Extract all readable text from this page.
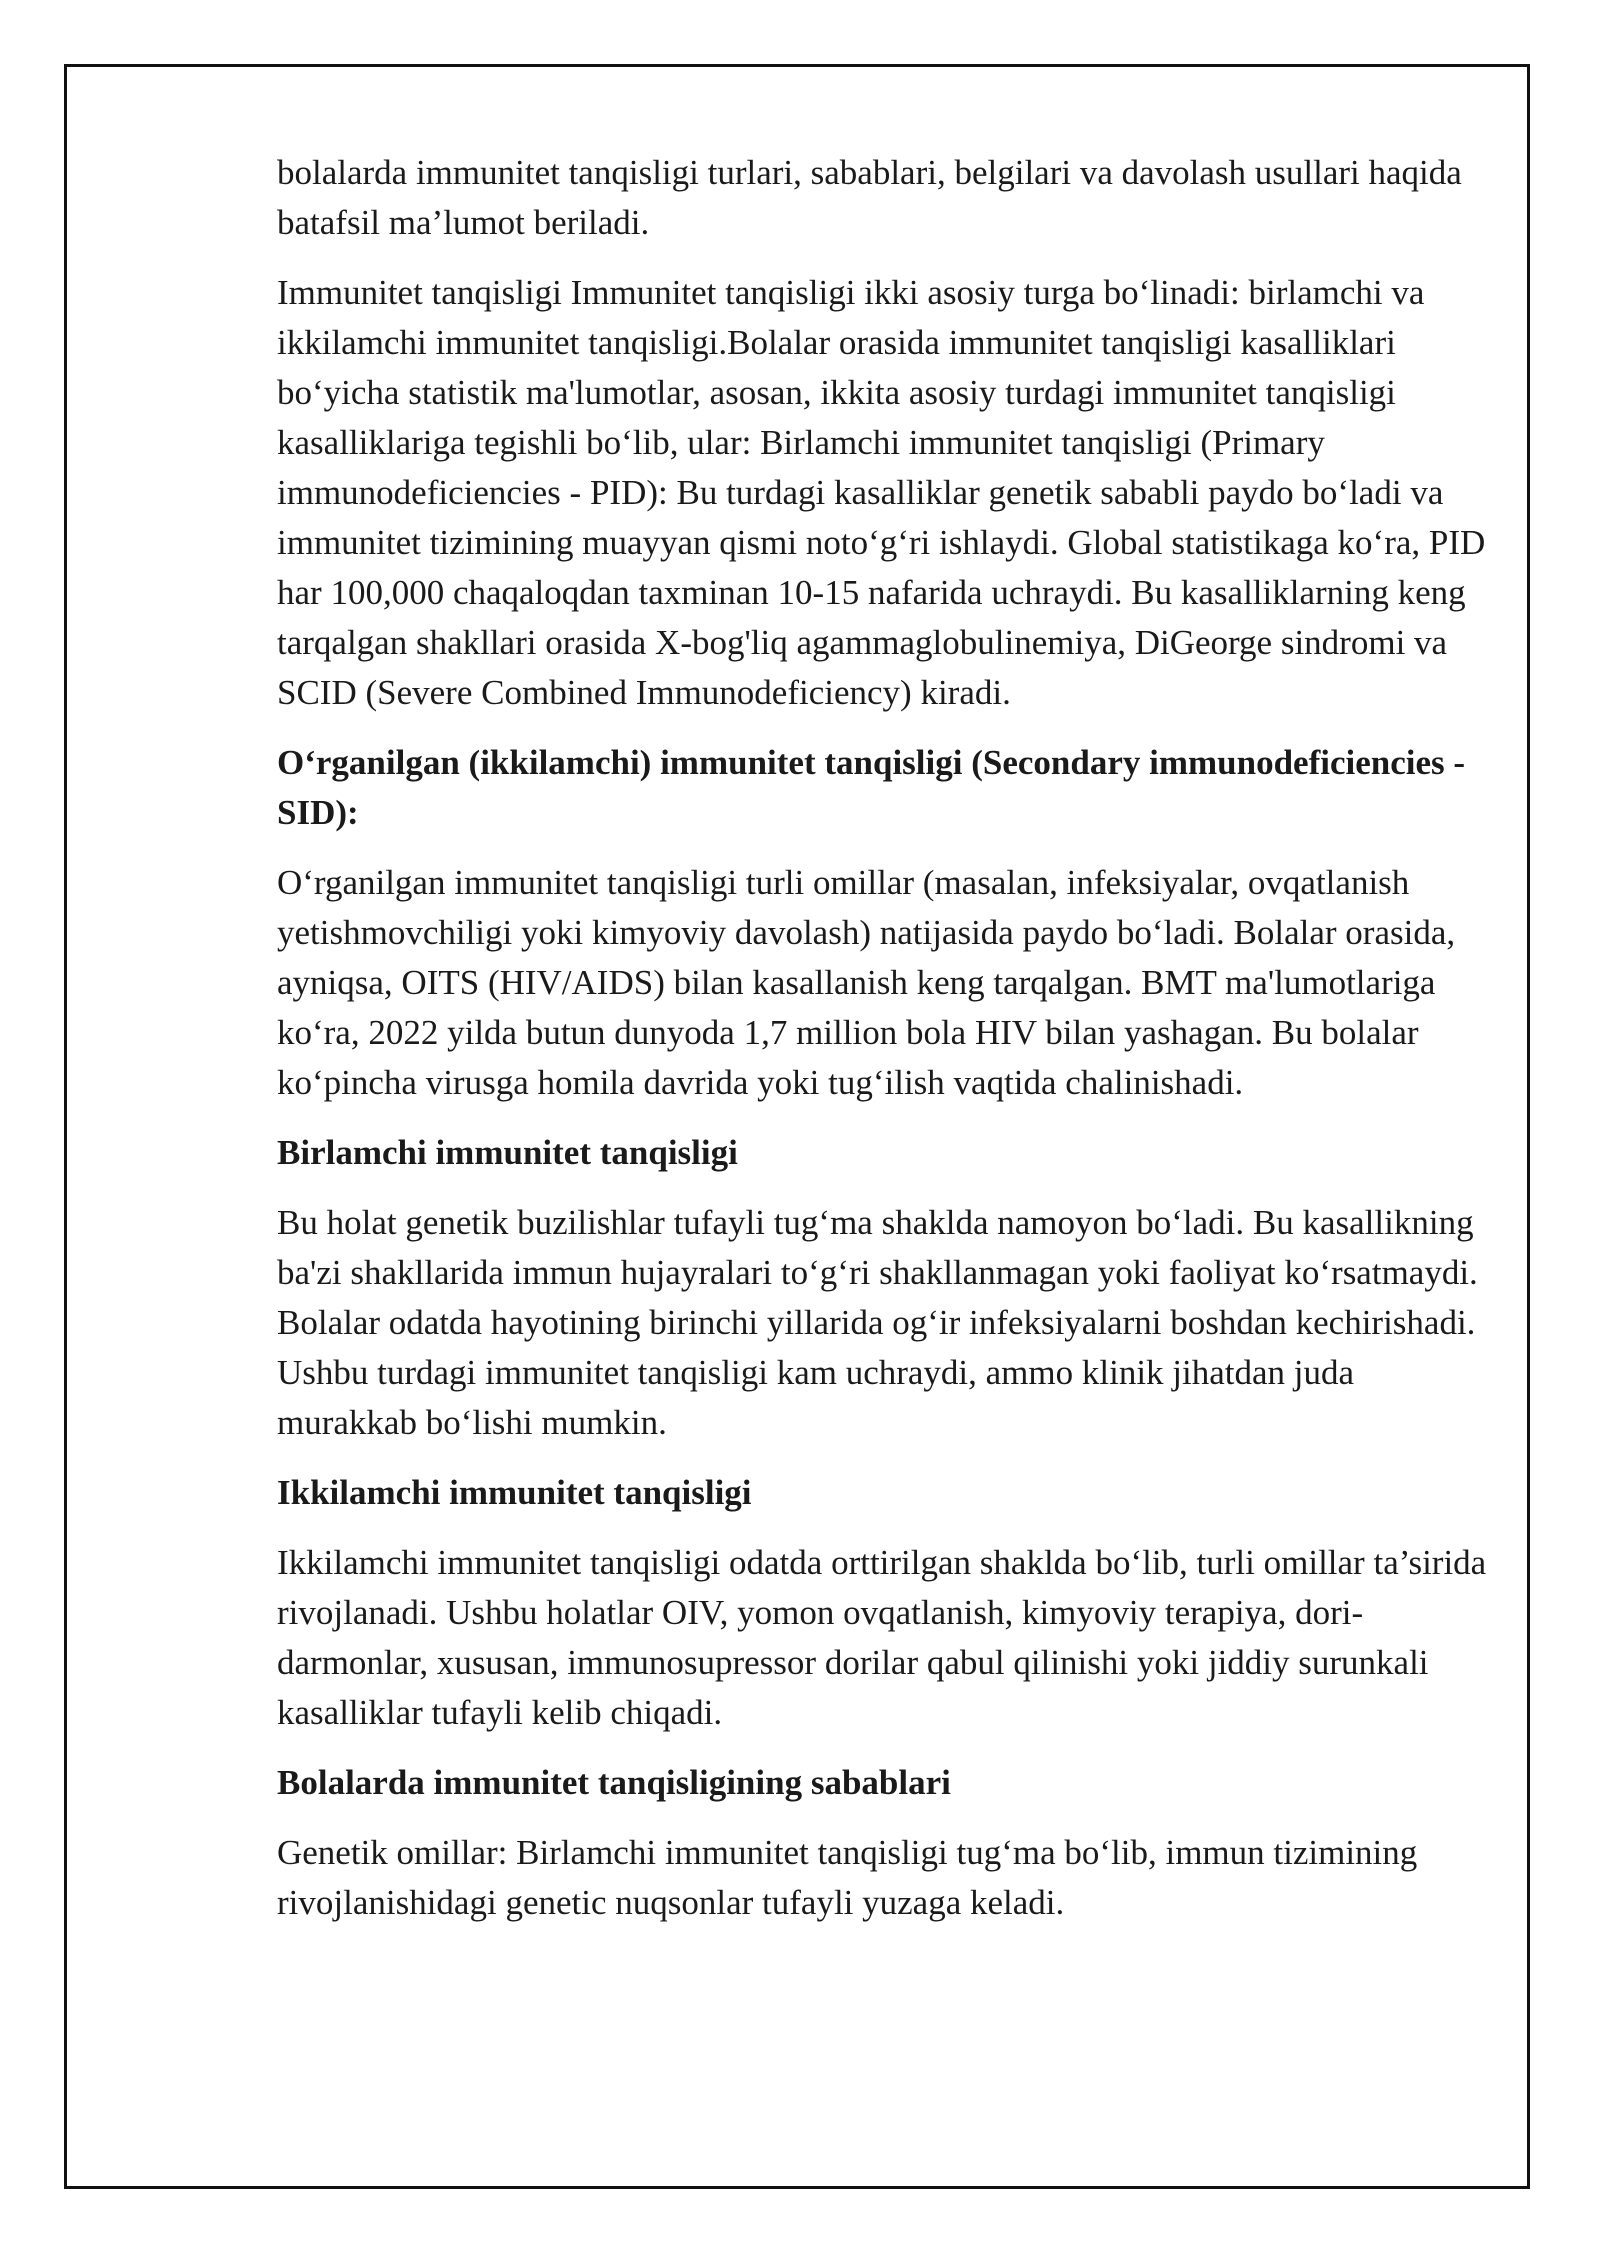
bolalarda immunitet tanqisligi turlari, sabablari, belgilari va davolash usullari haqida batafsil ma’lumot beriladi.

Immunitet tanqisligi Immunitet tanqisligi ikki asosiy turga bo‘linadi: birlamchi va ikkilamchi immunitet tanqisligi.Bolalar orasida immunitet tanqisligi kasalliklari bo‘yicha statistik ma'lumotlar, asosan, ikkita asosiy turdagi immunitet tanqisligi kasalliklariga tegishli bo‘lib, ular: Birlamchi immunitet tanqisligi (Primary immunodeficiencies - PID): Bu turdagi kasalliklar genetik sababli paydo bo‘ladi va immunitet tizimining muayyan qismi noto‘g‘ri ishlaydi. Global statistikaga ko‘ra, PID har 100,000 chaqaloqdan taxminan 10-15 nafarida uchraydi. Bu kasalliklarning keng tarqalgan shakllari orasida X-bog'liq agammaglobulinemiya, DiGeorge sindromi va SCID (Severe Combined Immunodeficiency) kiradi.

O‘rganilgan (ikkilamchi) immunitet tanqisligi (Secondary immunodeficiencies - SID):

O‘rganilgan immunitet tanqisligi turli omillar (masalan, infeksiyalar, ovqatlanish yetishmovchiligi yoki kimyoviy davolash) natijasida paydo bo‘ladi. Bolalar orasida, ayniqsa, OITS (HIV/AIDS) bilan kasallanish keng tarqalgan. BMT ma'lumotlariga ko‘ra, 2022 yilda butun dunyoda 1,7 million bola HIV bilan yashagan. Bu bolalar ko‘pincha virusga homila davrida yoki tug‘ilish vaqtida chalinishadi.

Birlamchi immunitet tanqisligi

Bu holat genetik buzilishlar tufayli tug‘ma shaklda namoyon bo‘ladi. Bu kasallikning ba'zi shakllarida immun hujayralari to‘g‘ri shakllanmagan yoki faoliyat ko‘rsatmaydi. Bolalar odatda hayotining birinchi yillarida og‘ir infeksiyalarni boshdan kechirishadi. Ushbu turdagi immunitet tanqisligi kam uchraydi, ammo klinik jihatdan juda murakkab bo‘lishi mumkin.

Ikkilamchi immunitet tanqisligi

Ikkilamchi immunitet tanqisligi odatda orttirilgan shaklda bo‘lib, turli omillar ta’sirida rivojlanadi. Ushbu holatlar OIV, yomon ovqatlanish, kimyoviy terapiya, dori-darmonlar, xususan, immunosupressor dorilar qabul qilinishi yoki jiddiy surunkali kasalliklar tufayli kelib chiqadi.

Bolalarda immunitet tanqisligining sabablari

Genetik omillar: Birlamchi immunitet tanqisligi tug‘ma bo‘lib, immun tizimining rivojlanishidagi genetic nuqsonlar tufayli yuzaga keladi.
